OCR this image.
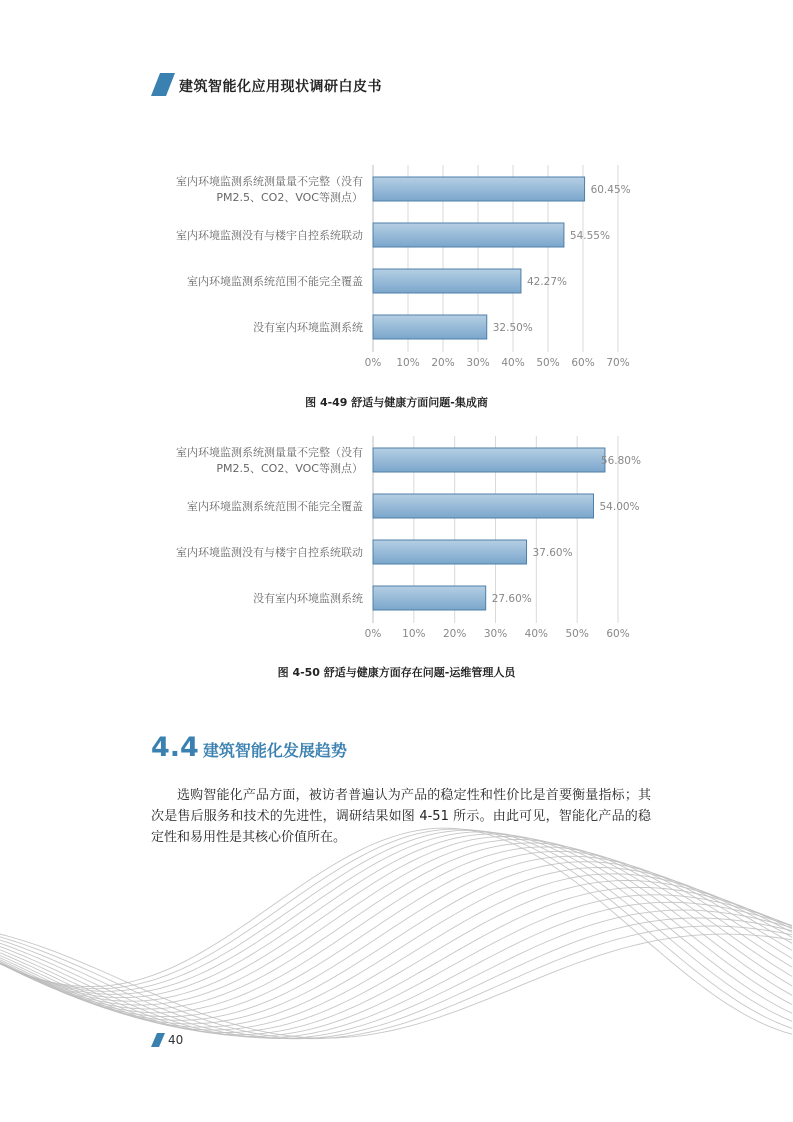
建筑智能化应用现状调研白皮书
0% 10% 20% 30% 40% 50% 60% 70%
60.45%
室内环境监测系统测量量不完整（没有
PM2.5、CO2、VOC等测点）
54.55%
室内环境监测没有与楼宇自控系统联动
42.27%
室内环境监测系统范围不能完全覆盖
32.50%
没有室内环境监测系统
图 4-49 舒适与健康方面问题-集成商
0% 10% 20% 30% 40% 50% 60%
56.80%
室内环境监测系统测量量不完整（没有
PM2.5、CO2、VOC等测点）
54.00%
室内环境监测系统范围不能完全覆盖
37.60%
室内环境监测没有与楼宇自控系统联动
27.60%
没有室内环境监测系统
图 4-50 舒适与健康方面存在问题-运维管理人员
4.4 建筑智能化发展趋势

选购智能化产品方面，被访者普遍认为产品的稳定性和性价比是首要衡量指标；其次是售后服务和技术的先进性，调研结果如图 4-51 所示。由此可见，智能化产品的稳定性和易用性是其核心价值所在。

40
